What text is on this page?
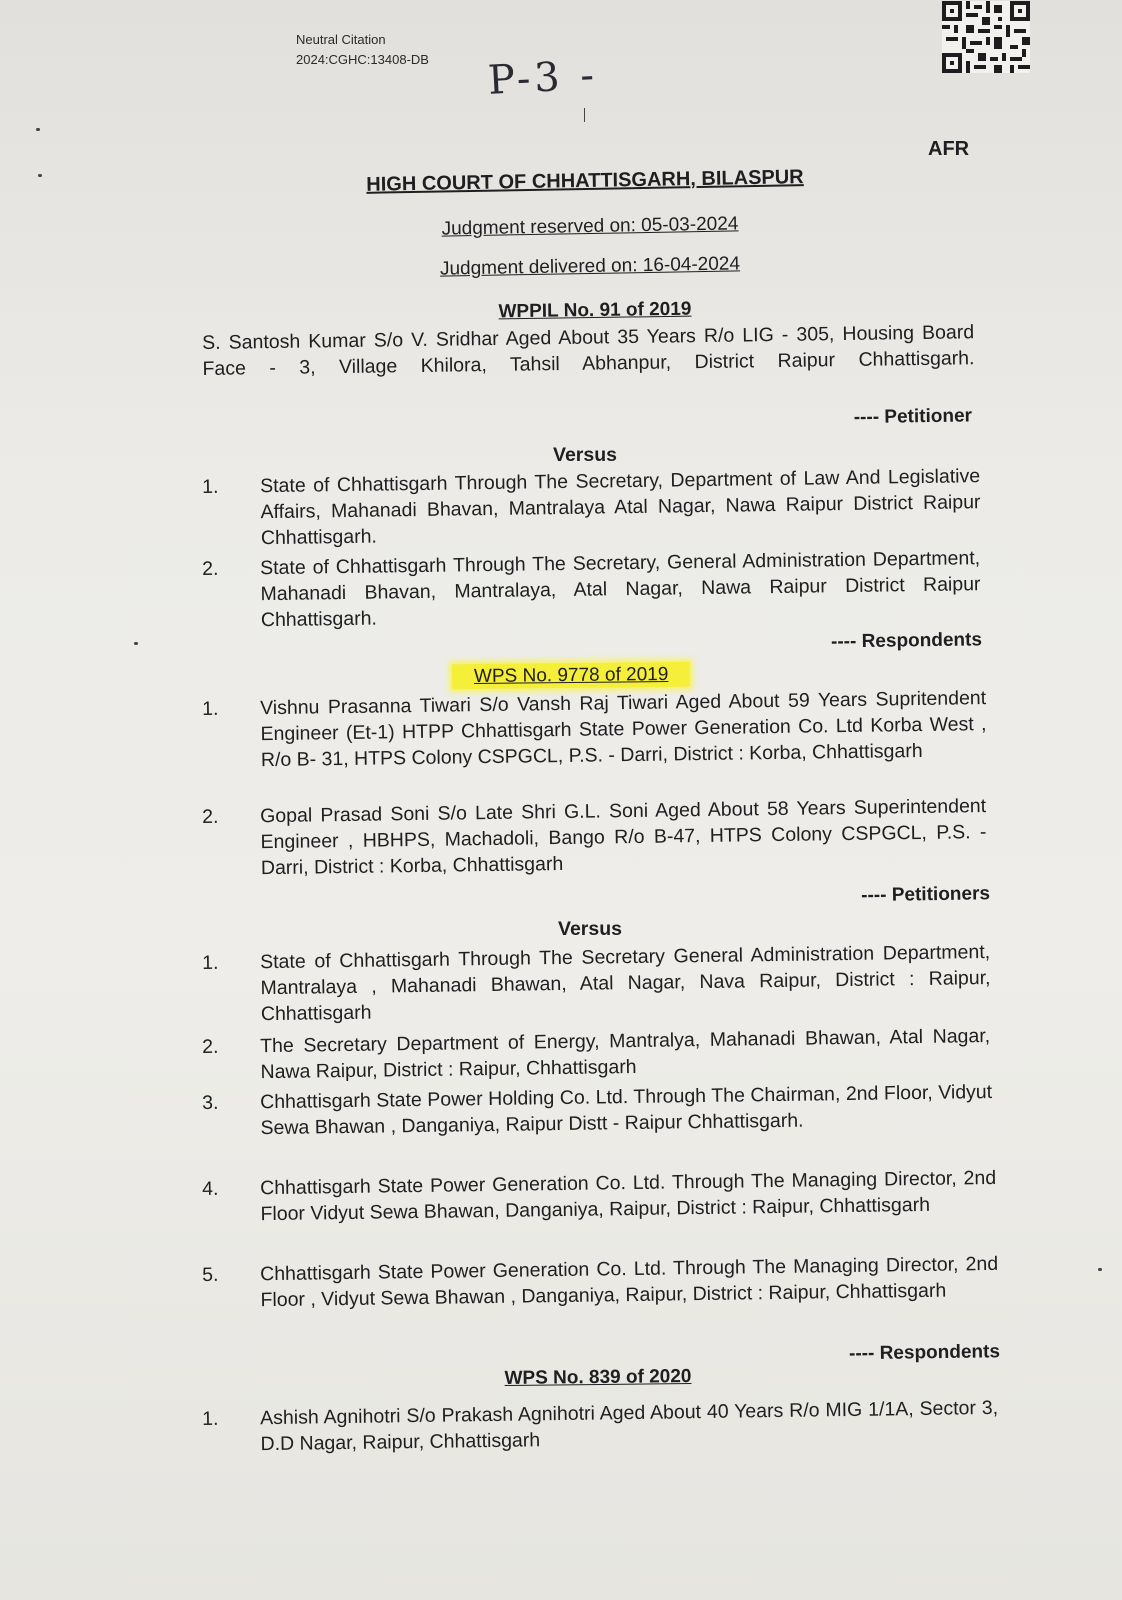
Neutral Citation
2024:CGHC:13408-DB P-3 -
AFR
HIGH COURT OF CHHATTISGARH, BILASPUR
Judgment reserved on: 05-03-2024
Judgment delivered on: 16-04-2024
WPPIL No. 91 of 2019
S. Santosh Kumar S/o V. Sridhar Aged About 35 Years R/o LIG - 305, Housing Board Face - 3, Village Khilora, Tahsil Abhanpur, District Raipur Chhattisgarh.
---- Petitioner
Versus
1.	State of Chhattisgarh Through The Secretary, Department of Law And Legislative Affairs, Mahanadi Bhavan, Mantralaya Atal Nagar, Nawa Raipur District Raipur Chhattisgarh.
2.	State of Chhattisgarh Through The Secretary, General Administration Department, Mahanadi Bhavan, Mantralaya, Atal Nagar, Nawa Raipur District Raipur Chhattisgarh.
---- Respondents
WPS No. 9778 of 2019
1.	Vishnu Prasanna Tiwari S/o Vansh Raj Tiwari Aged About 59 Years Supritendent Engineer (Et-1) HTPP Chhattisgarh State Power Generation Co. Ltd Korba West , R/o B- 31, HTPS Colony CSPGCL, P.S. - Darri, District : Korba, Chhattisgarh
2.	Gopal Prasad Soni S/o Late Shri G.L. Soni Aged About 58 Years Superintendent Engineer , HBHPS, Machadoli, Bango R/o B-47, HTPS Colony CSPGCL, P.S. - Darri, District : Korba, Chhattisgarh
---- Petitioners
Versus
1.	State of Chhattisgarh Through The Secretary General Administration Department, Mantralaya , Mahanadi Bhawan, Atal Nagar, Nava Raipur, District : Raipur, Chhattisgarh
2.	The Secretary Department of Energy, Mantralya, Mahanadi Bhawan, Atal Nagar, Nawa Raipur, District : Raipur, Chhattisgarh
3.	Chhattisgarh State Power Holding Co. Ltd. Through The Chairman, 2nd Floor, Vidyut Sewa Bhawan , Danganiya, Raipur Distt - Raipur Chhattisgarh.
4.	Chhattisgarh State Power Generation Co. Ltd. Through The Managing Director, 2nd Floor Vidyut Sewa Bhawan, Danganiya, Raipur, District : Raipur, Chhattisgarh
5.	Chhattisgarh State Power Generation Co. Ltd. Through The Managing Director, 2nd Floor , Vidyut Sewa Bhawan , Danganiya, Raipur, District : Raipur, Chhattisgarh
---- Respondents
WPS No. 839 of 2020
1.	Ashish Agnihotri S/o Prakash Agnihotri Aged About 40 Years R/o MIG 1/1A, Sector 3, D.D Nagar, Raipur, Chhattisgarh
